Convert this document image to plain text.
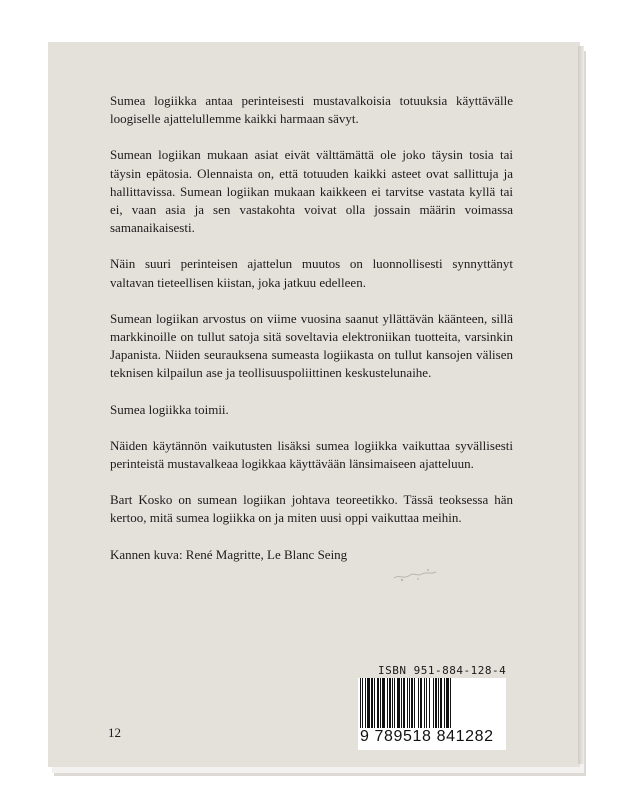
Sumea logiikka antaa perinteisesti mustavalkoisia totuuksia käyttävälle loogiselle ajattelullemme kaikki harmaan sävyt.

Sumean logiikan mukaan asiat eivät välttämättä ole joko täysin tosia tai täysin epätosia. Olennaista on, että totuuden kaikki asteet ovat sallittuja ja hallittavissa. Sumean logiikan mukaan kaikkeen ei tarvitse vastata kyllä tai ei, vaan asia ja sen vastakohta voivat olla jossain määrin voimassa samanaikaisesti.

Näin suuri perinteisen ajattelun muutos on luonnollisesti synnyttänyt valtavan tieteellisen kiistan, joka jatkuu edelleen.

Sumean logiikan arvostus on viime vuosina saanut yllättävän käänteen, sillä markkinoille on tullut satoja sitä soveltavia elektroniikan tuotteita, varsinkin Japanista. Niiden seurauksena sumeasta logiikasta on tullut kansojen välisen teknisen kilpailun ase ja teollisuuspoliittinen keskustelunaihe.

Sumea logiikka toimii.

Näiden käytännön vaikutusten lisäksi sumea logiikka vaikuttaa syvällisesti perinteistä mustavalkeaa logikkaa käyttävään länsimaiseen ajatteluun.

Bart Kosko on sumean logiikan johtava teoreetikko. Tässä teoksessa hän kertoo, mitä sumea logiikka on ja miten uusi oppi vaikuttaa meihin.

Kannen kuva: René Magritte, Le Blanc Seing

ISBN 951-884-128-4
9 789518 841282
12
